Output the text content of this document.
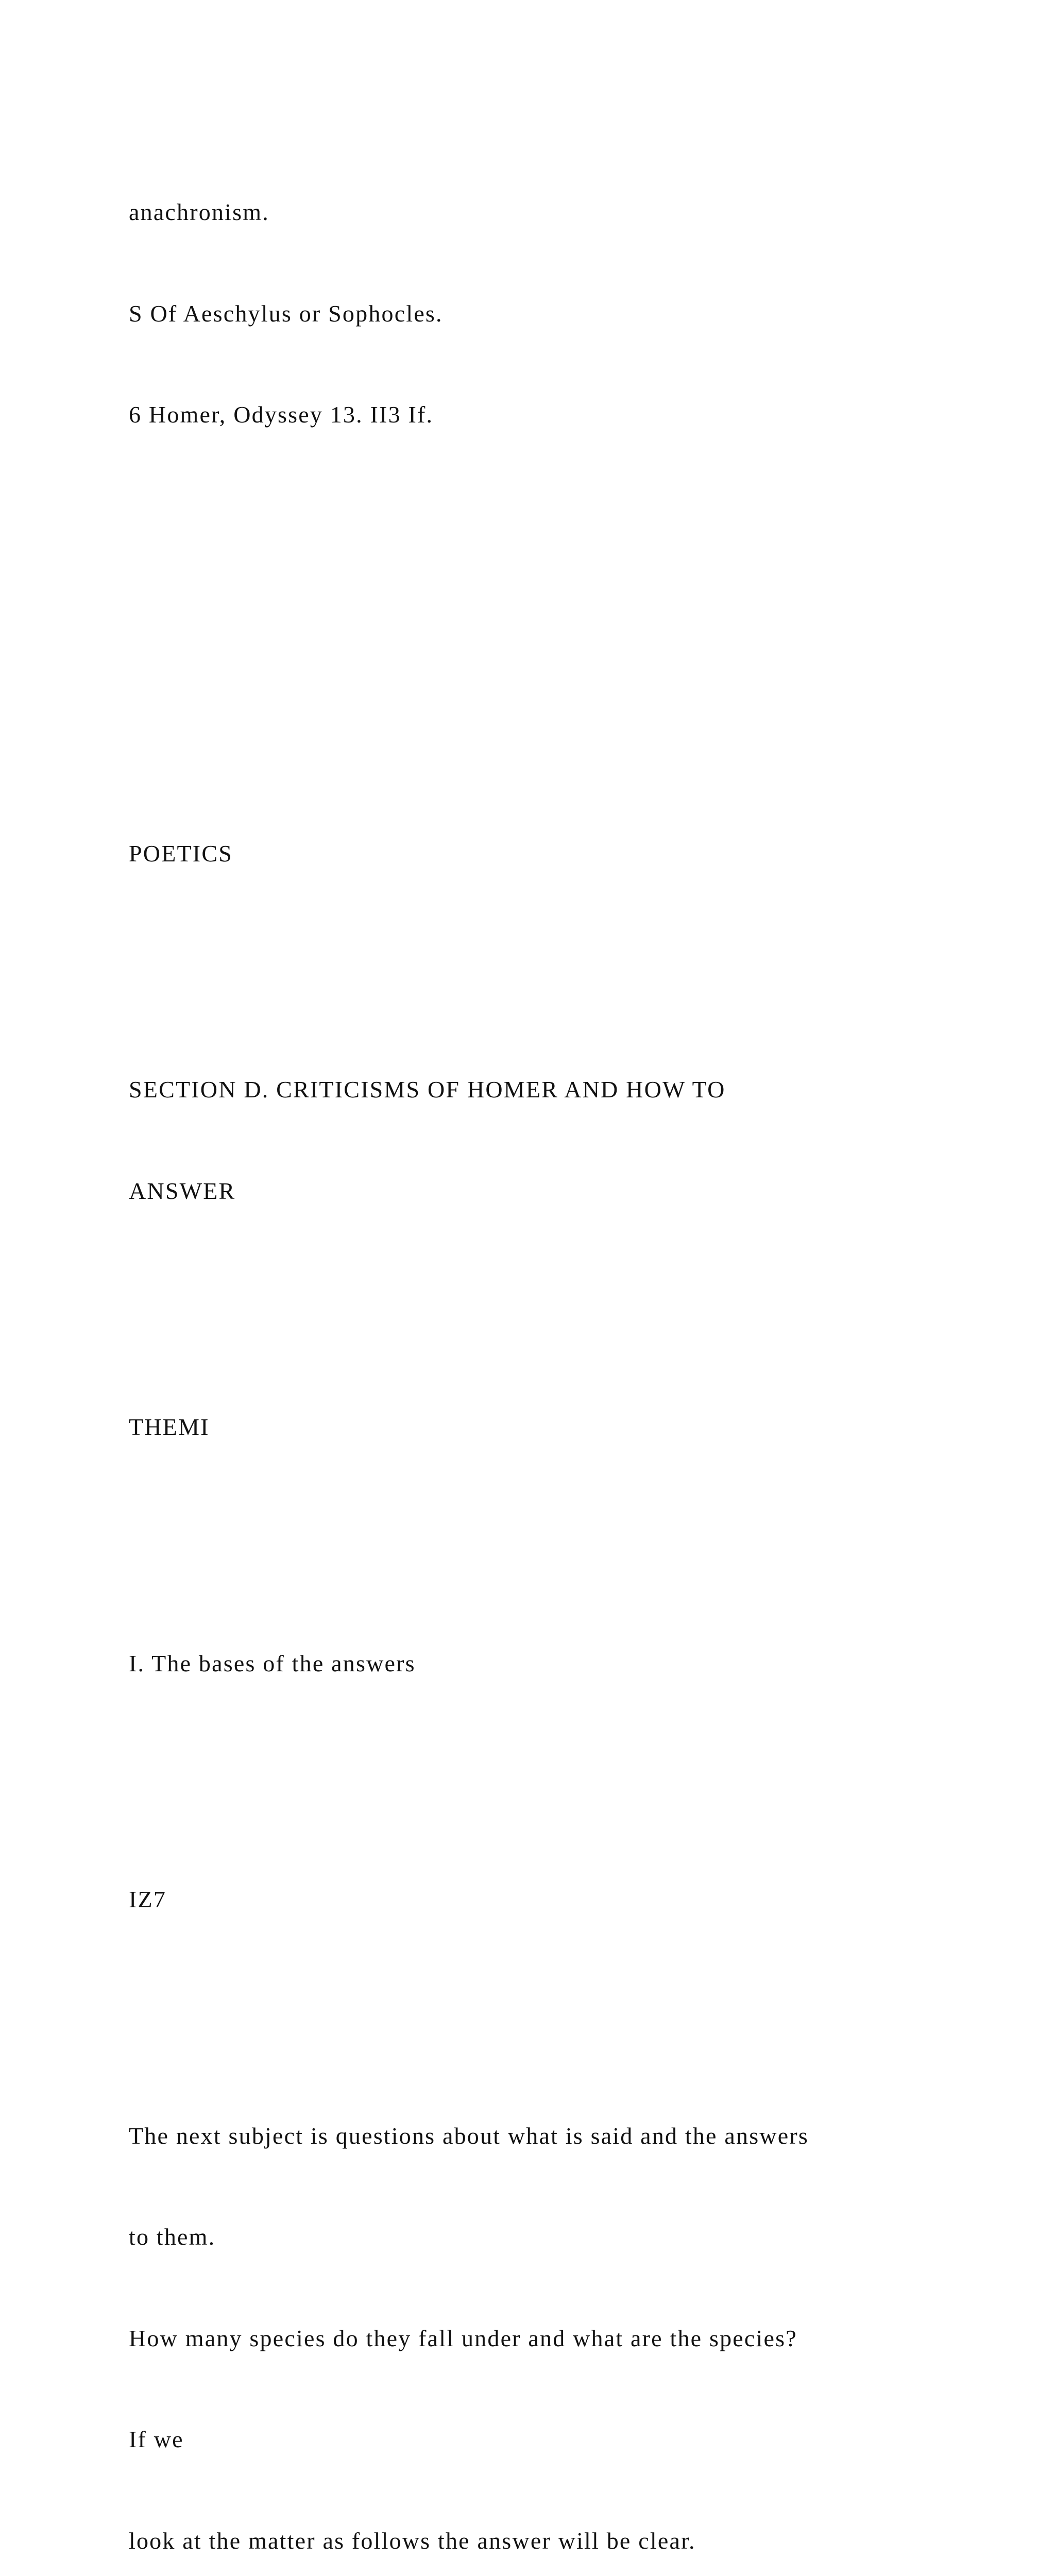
anachronism.

S Of Aeschylus or Sophocles.

6 Homer, Odyssey 13. II3 If.

POETICS

SECTION D. CRITICISMS OF HOMER AND HOW TO

ANSWER

THEMI

I. The bases of the answers

IZ7

The next subject is questions about what is said and the answers

to them.

How many species do they fall under and what are the species?

If we

look at the matter as follows the answer will be clear.
